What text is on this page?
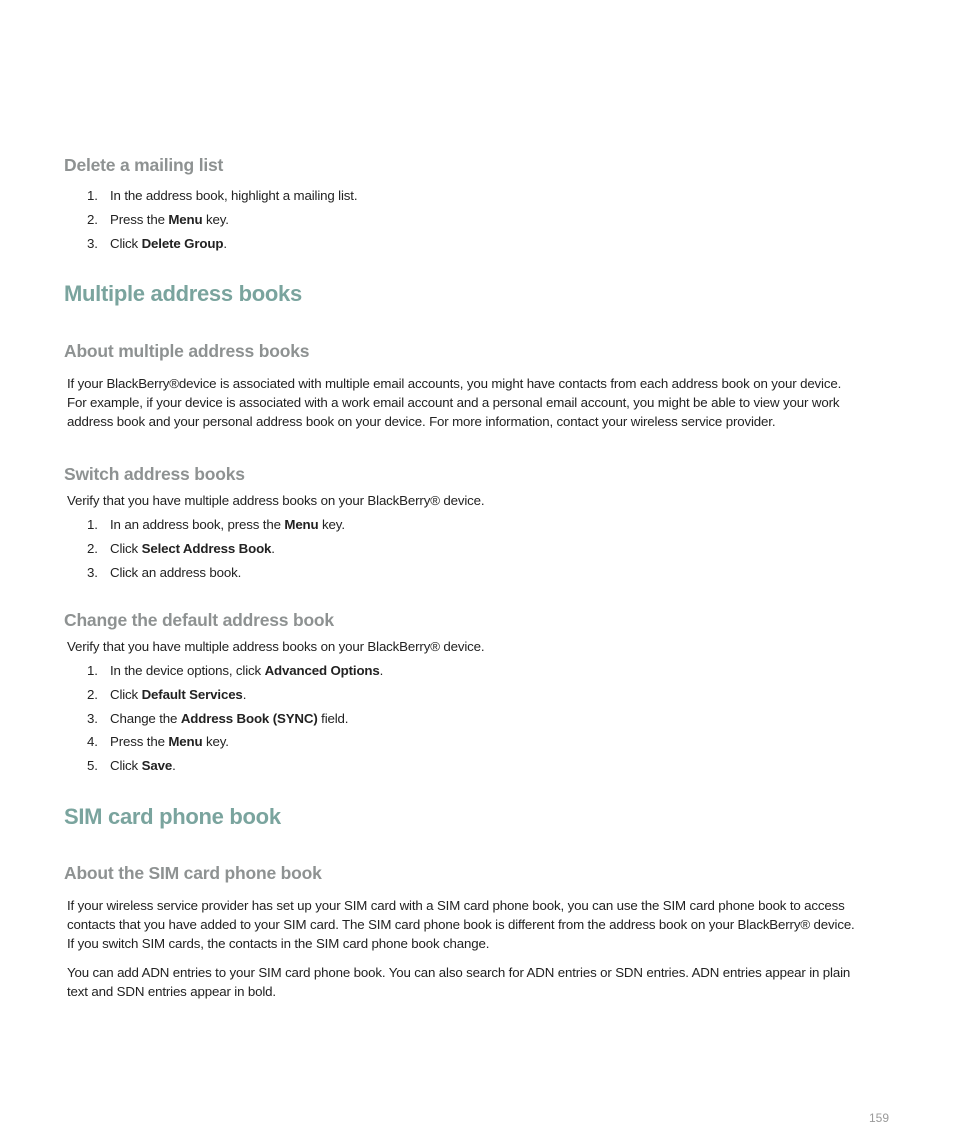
Delete a mailing list
1. In the address book, highlight a mailing list.
2. Press the Menu key.
3. Click Delete Group.
Multiple address books
About multiple address books
If your BlackBerry®device is associated with multiple email accounts, you might have contacts from each address book on your device.
For example, if your device is associated with a work email account and a personal email account, you might be able to view your work
address book and your personal address book on your device. For more information, contact your wireless service provider.
Switch address books
Verify that you have multiple address books on your BlackBerry® device.
1. In an address book, press the Menu key.
2. Click Select Address Book.
3. Click an address book.
Change the default address book
Verify that you have multiple address books on your BlackBerry® device.
1. In the device options, click Advanced Options.
2. Click Default Services.
3. Change the Address Book (SYNC) field.
4. Press the Menu key.
5. Click Save.
SIM card phone book
About the SIM card phone book
If your wireless service provider has set up your SIM card with a SIM card phone book, you can use the SIM card phone book to access
contacts that you have added to your SIM card. The SIM card phone book is different from the address book on your BlackBerry® device.
If you switch SIM cards, the contacts in the SIM card phone book change.
You can add ADN entries to your SIM card phone book. You can also search for ADN entries or SDN entries. ADN entries appear in plain
text and SDN entries appear in bold.
159
